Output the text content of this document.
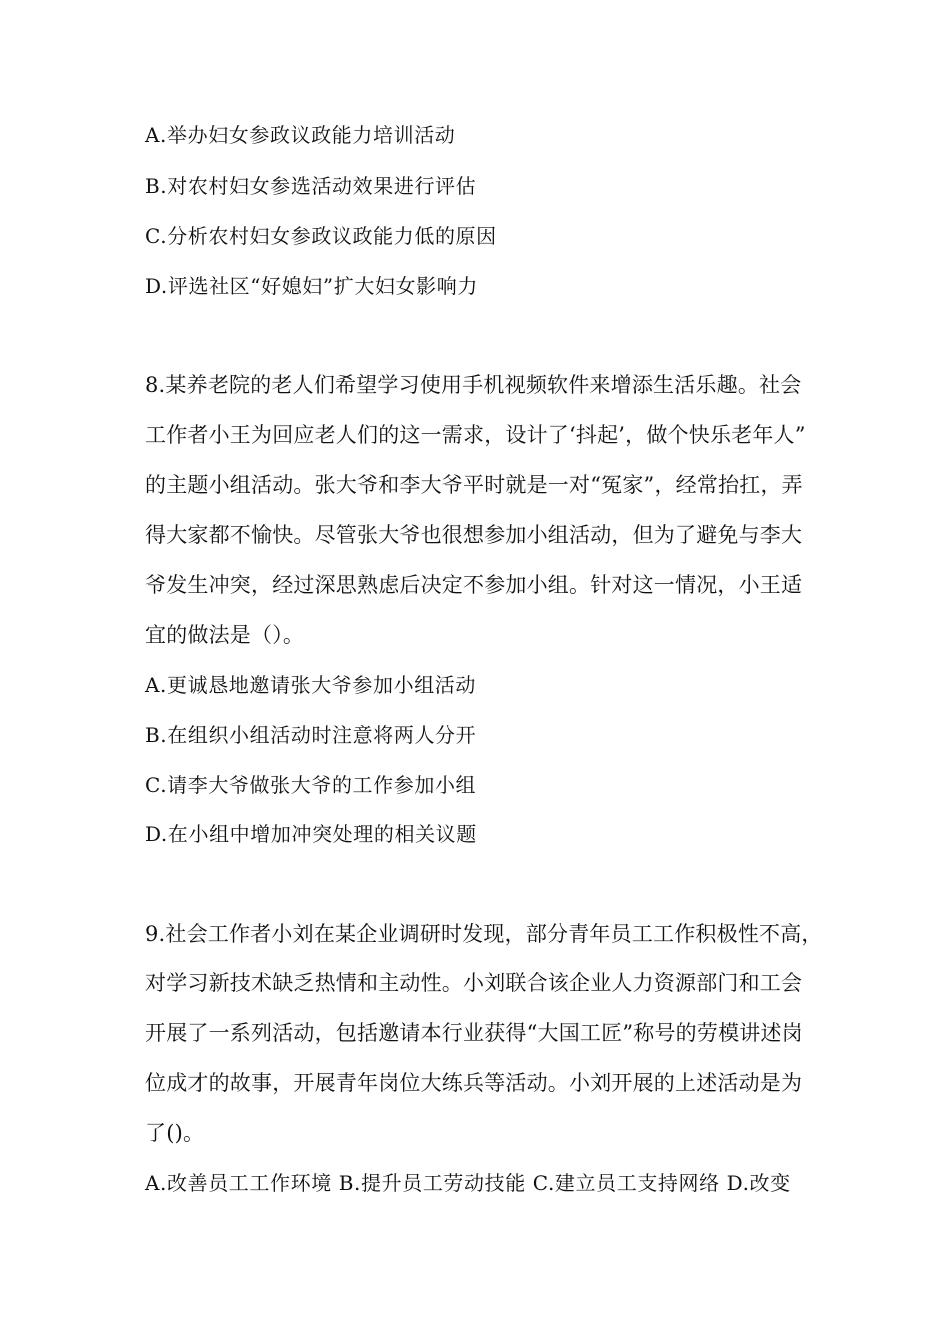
A.举办妇女参政议政能力培训活动
B.对农村妇女参选活动效果进行评估
C.分析农村妇女参政议政能力低的原因
D.评选社区“好媳妇”扩大妇女影响力
8.某养老院的老人们希望学习使用手机视频软件来增添生活乐趣。社会
工作者小王为回应老人们的这一需求，设计了‘抖起’，做个快乐老年人”
的主题小组活动。张大爷和李大爷平时就是一对“冤家”，经常抬扛，弄
得大家都不愉快。尽管张大爷也很想参加小组活动，但为了避免与李大
爷发生冲突，经过深思熟虑后决定不参加小组。针对这一情况，小王适
宜的做法是（）。
A.更诚恳地邀请张大爷参加小组活动
B.在组织小组活动时注意将两人分开
C.请李大爷做张大爷的工作参加小组
D.在小组中增加冲突处理的相关议题
9.社会工作者小刘在某企业调研时发现，部分青年员工工作积极性不高，
对学习新技术缺乏热情和主动性。小刘联合该企业人力资源部门和工会
开展了一系列活动，包括邀请本行业获得“大国工匠”称号的劳模讲述岗
位成才的故事，开展青年岗位大练兵等活动。小刘开展的上述活动是为
了()。
A.改善员工工作环境 B.提升员工劳动技能 C.建立员工支持网络 D.改变
